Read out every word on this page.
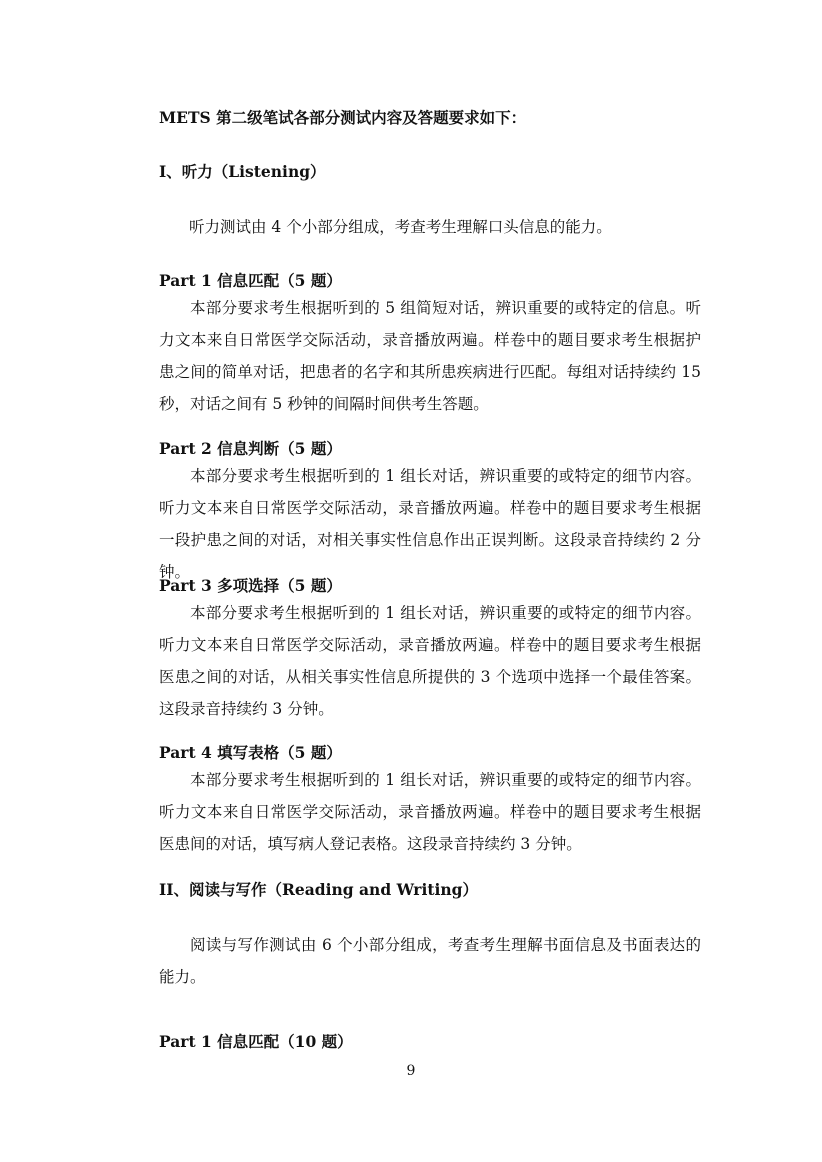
METS 第二级笔试各部分测试内容及答题要求如下：

I、听力（Listening）

听力测试由 4 个小部分组成，考查考生理解口头信息的能力。

Part 1 信息匹配（5 题）

本部分要求考生根据听到的 5 组简短对话，辨识重要的或特定的信息。听力文本来自日常医学交际活动，录音播放两遍。样卷中的题目要求考生根据护患之间的简单对话，把患者的名字和其所患疾病进行匹配。每组对话持续约 15 秒，对话之间有 5 秒钟的间隔时间供考生答题。

Part 2 信息判断（5 题）

本部分要求考生根据听到的 1 组长对话，辨识重要的或特定的细节内容。听力文本来自日常医学交际活动，录音播放两遍。样卷中的题目要求考生根据一段护患之间的对话，对相关事实性信息作出正误判断。这段录音持续约 2 分钟。

Part 3 多项选择（5 题）

本部分要求考生根据听到的 1 组长对话，辨识重要的或特定的细节内容。听力文本来自日常医学交际活动，录音播放两遍。样卷中的题目要求考生根据医患之间的对话，从相关事实性信息所提供的 3 个选项中选择一个最佳答案。这段录音持续约 3 分钟。

Part 4 填写表格（5 题）

本部分要求考生根据听到的 1 组长对话，辨识重要的或特定的细节内容。听力文本来自日常医学交际活动，录音播放两遍。样卷中的题目要求考生根据医患间的对话，填写病人登记表格。这段录音持续约 3 分钟。

II、阅读与写作（Reading and Writing）

阅读与写作测试由 6 个小部分组成，考查考生理解书面信息及书面表达的能力。

Part 1 信息匹配（10 题）

9
